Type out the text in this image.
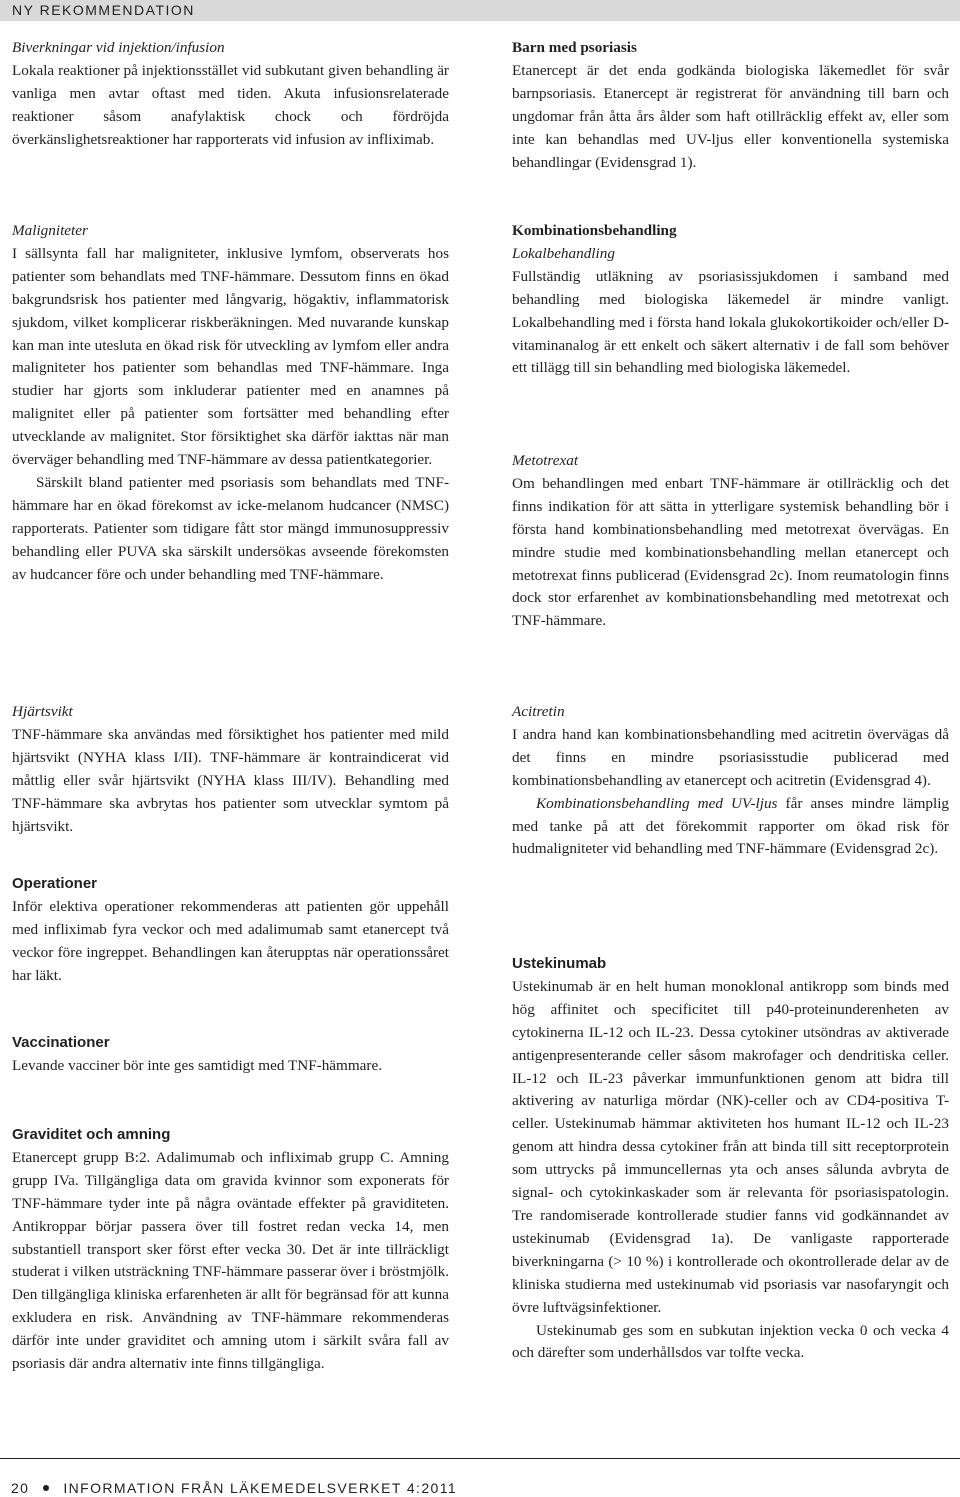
NY REKOMMENDATION
Biverkningar vid injektion/infusion

Lokala reaktioner på injektionsstället vid subkutant given behandling är vanliga men avtar oftast med tiden. Akuta infusionsrelaterade reaktioner såsom anafylaktisk chock och fördröjda överkänslighetsreaktioner har rapporterats vid infusion av infliximab.

Maligniteter

I sällsynta fall har maligniteter, inklusive lymfom, observerats hos patienter som behandlats med TNF-hämmare. Dessutom finns en ökad bakgrundsrisk hos patienter med långvarig, högaktiv, inflammatorisk sjukdom, vilket komplicerar riskberäkningen. Med nuvarande kunskap kan man inte utesluta en ökad risk för utveckling av lymfom eller andra maligniteter hos patienter som behandlas med TNF-hämmare. Inga studier har gjorts som inkluderar patienter med en anamnes på malignitet eller på patienter som fortsätter med behandling efter utvecklande av malignitet. Stor försiktighet ska därför iakttas när man överväger behandling med TNF-hämmare av dessa patientkategorier.

Särskilt bland patienter med psoriasis som behandlats med TNF-hämmare har en ökad förekomst av icke-melanom hudcancer (NMSC) rapporterats. Patienter som tidigare fått stor mängd immunosuppressiv behandling eller PUVA ska särskilt undersökas avseende förekomsten av hudcancer före och under behandling med TNF-hämmare.

Hjärtsvikt

TNF-hämmare ska användas med försiktighet hos patienter med mild hjärtsvikt (NYHA klass I/II). TNF-hämmare är kontraindicerat vid måttlig eller svår hjärtsvikt (NYHA klass III/IV). Behandling med TNF-hämmare ska avbrytas hos patienter som utvecklar symtom på hjärtsvikt.

Operationer

Inför elektiva operationer rekommenderas att patienten gör uppehåll med infliximab fyra veckor och med adalimumab samt etanercept två veckor före ingreppet. Behandlingen kan återupptas när operationssåret har läkt.

Vaccinationer

Levande vacciner bör inte ges samtidigt med TNF-hämmare.

Graviditet och amning

Etanercept grupp B:2. Adalimumab och infliximab grupp C. Amning grupp IVa. Tillgängliga data om gravida kvinnor som exponerats för TNF-hämmare tyder inte på några oväntade effekter på graviditeten. Antikroppar börjar passera över till fostret redan vecka 14, men substantiell transport sker först efter vecka 30. Det är inte tillräckligt studerat i vilken utsträckning TNF-hämmare passerar över i bröstmjölk. Den tillgängliga kliniska erfarenheten är allt för begränsad för att kunna exkludera en risk. Användning av TNF-hämmare rekommenderas därför inte under graviditet och amning utom i särkilt svåra fall av psoriasis där andra alternativ inte finns tillgängliga.

Barn med psoriasis

Etanercept är det enda godkända biologiska läkemedlet för svår barnpsoriasis. Etanercept är registrerat för användning till barn och ungdomar från åtta års ålder som haft otillräcklig effekt av, eller som inte kan behandlas med UV-ljus eller konventionella systemiska behandlingar (Evidensgrad 1).

Kombinationsbehandling
Lokalbehandling

Fullständig utläkning av psoriasissjukdomen i samband med behandling med biologiska läkemedel är mindre vanligt. Lokalbehandling med i första hand lokala glukokortikoider och/eller D-vitaminanalog är ett enkelt och säkert alternativ i de fall som behöver ett tillägg till sin behandling med biologiska läkemedel.

Metotrexat

Om behandlingen med enbart TNF-hämmare är otillräcklig och det finns indikation för att sätta in ytterligare systemisk behandling bör i första hand kombinationsbehandling med metotrexat övervägas. En mindre studie med kombinationsbehandling mellan etanercept och metotrexat finns publicerad (Evidensgrad 2c). Inom reumatologin finns dock stor erfarenhet av kombinationsbehandling med metotrexat och TNF-hämmare.

Acitretin

I andra hand kan kombinationsbehandling med acitretin övervägas då det finns en mindre psoriasisstudie publicerad med kombinationsbehandling av etanercept och acitretin (Evidensgrad 4).

Kombinationsbehandling med UV-ljus får anses mindre lämplig med tanke på att det förekommit rapporter om ökad risk för hudmaligniteter vid behandling med TNF-hämmare (Evidensgrad 2c).

Ustekinumab

Ustekinumab är en helt human monoklonal antikropp som binds med hög affinitet och specificitet till p40-proteinunderenheten av cytokinerna IL-12 och IL-23. Dessa cytokiner utsöndras av aktiverade antigenpresenterande celler såsom makrofager och dendritiska celler. IL-12 och IL-23 påverkar immunfunktionen genom att bidra till aktivering av naturliga mördar (NK)-celler och av CD4-positiva T-celler. Ustekinumab hämmar aktiviteten hos humant IL-12 och IL-23 genom att hindra dessa cytokiner från att binda till sitt receptorprotein som uttrycks på immuncellernas yta och anses sålunda avbryta de signal- och cytokinkaskader som är relevanta för psoriasispatologin. Tre randomiserade kontrollerade studier fanns vid godkännandet av ustekinumab (Evidensgrad 1a). De vanligaste rapporterade biverkningarna (> 10 %) i kontrollerade och okontrollerade delar av de kliniska studierna med ustekinumab vid psoriasis var nasofaryngit och övre luftvägsinfektioner.

Ustekinumab ges som en subkutan injektion vecka 0 och vecka 4 och därefter som underhållsdos var tolfte vecka.

20 INFORMATION FRÅN LÄKEMEDELSVERKET 4:2011
